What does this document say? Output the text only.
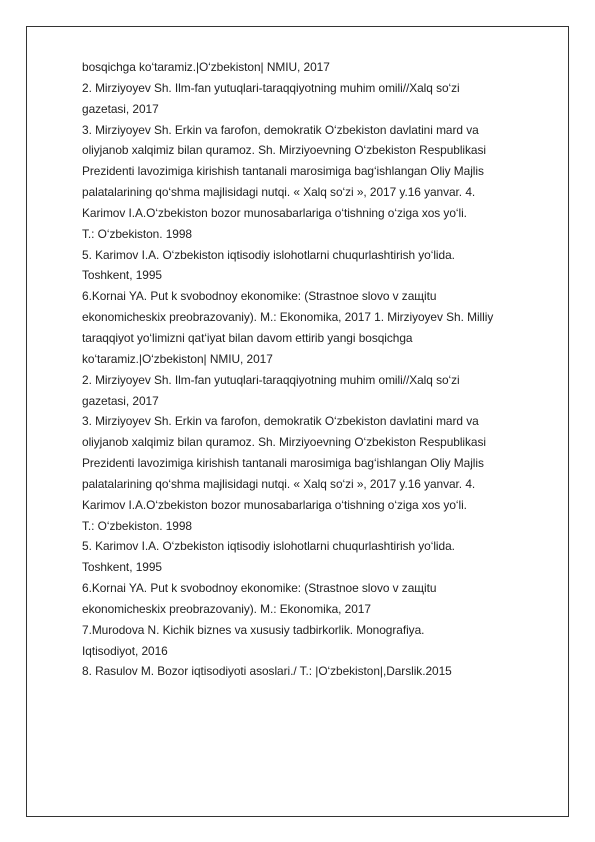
bosqichga ko‘taramiz.|O‘zbekiston| NMIU, 2017
2. Mirziyoyev Sh. Ilm-fan yutuqlari-taraqqiyotning muhim omili//Xalq so‘zi
gazetasi, 2017
3. Mirziyoyev Sh. Erkin va farofon, demokratik O‘zbekiston davlatini mard va
oliyjanob xalqimiz bilan quramoz. Sh. Mirziyoevning O‘zbekiston Respublikasi
Prezidenti lavozimiga kirishish tantanali marosimiga bag‘ishlangan Oliy Majlis
palatalarining qo‘shma majlisidagi nutqi. « Xalq so‘zi », 2017 y.16 yanvar. 4.
Karimov I.A.O‘zbekiston bozor munosabarlariga o‘tishning o‘ziga xos yo‘li.
T.: O‘zbekiston. 1998
5. Karimov I.A. O‘zbekiston iqtisodiy islohotlarni chuqurlashtirish yo‘lida.
Toshkent, 1995
6.Kornai YA. Put k svobodnoy ekonomike: (Strastnoe slovo v zaщitu
ekonomicheskix preobrazovaniy). M.: Ekonomika, 2017 1. Mirziyoyev Sh. Milliy
taraqqiyot yo‘limizni qat‘iyat bilan davom ettirib yangi bosqichga
ko‘taramiz.|O‘zbekiston| NMIU, 2017
2. Mirziyoyev Sh. Ilm-fan yutuqlari-taraqqiyotning muhim omili//Xalq so‘zi
gazetasi, 2017
3. Mirziyoyev Sh. Erkin va farofon, demokratik O‘zbekiston davlatini mard va
oliyjanob xalqimiz bilan quramoz. Sh. Mirziyoevning O‘zbekiston Respublikasi
Prezidenti lavozimiga kirishish tantanali marosimiga bag‘ishlangan Oliy Majlis
palatalarining qo‘shma majlisidagi nutqi. « Xalq so‘zi », 2017 y.16 yanvar. 4.
Karimov I.A.O‘zbekiston bozor munosabarlariga o‘tishning o‘ziga xos yo‘li.
T.: O‘zbekiston. 1998
5. Karimov I.A. O‘zbekiston iqtisodiy islohotlarni chuqurlashtirish yo‘lida.
Toshkent, 1995
6.Kornai YA. Put k svobodnoy ekonomike: (Strastnoe slovo v zaщitu
ekonomicheskix preobrazovaniy). M.: Ekonomika, 2017
7.Murodova N. Kichik biznes va xususiy tadbirkorlik. Monografiya.
Iqtisodiyot, 2016
8. Rasulov M. Bozor iqtisodiyoti asoslari./ T.: |O‘zbekiston|,Darslik.2015
